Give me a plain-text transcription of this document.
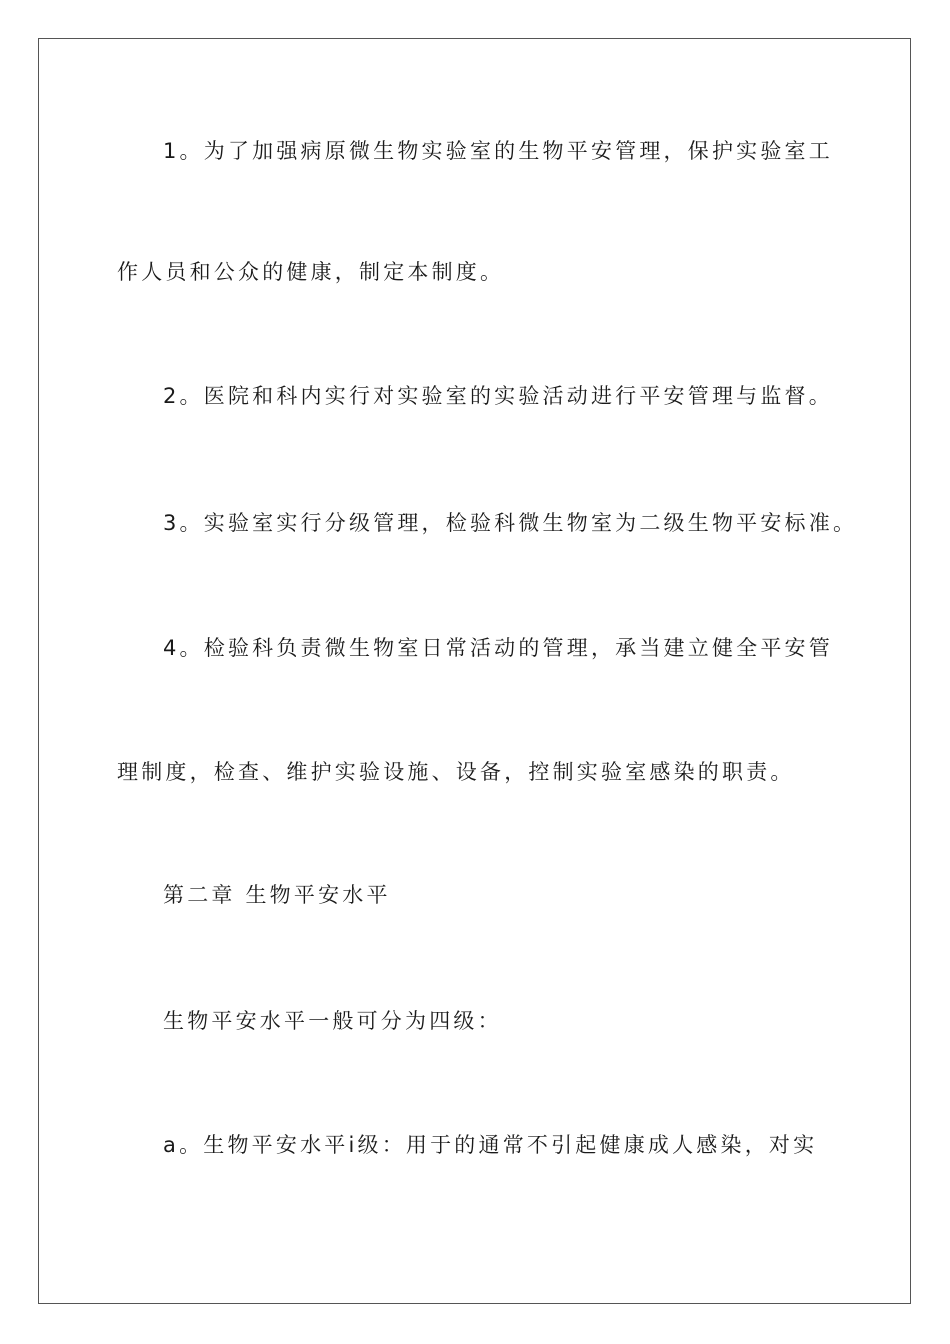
1。为了加强病原微生物实验室的生物平安管理，保护实验室工
作人员和公众的健康，制定本制度。
2。医院和科内实行对实验室的实验活动进行平安管理与监督。
3。实验室实行分级管理，检验科微生物室为二级生物平安标准。
4。检验科负责微生物室日常活动的管理，承当建立健全平安管
理制度，检查、维护实验设施、设备，控制实验室感染的职责。
第二章 生物平安水平
生物平安水平一般可分为四级：
a。生物平安水平ⅰ级：用于的通常不引起健康成人感染，对实
